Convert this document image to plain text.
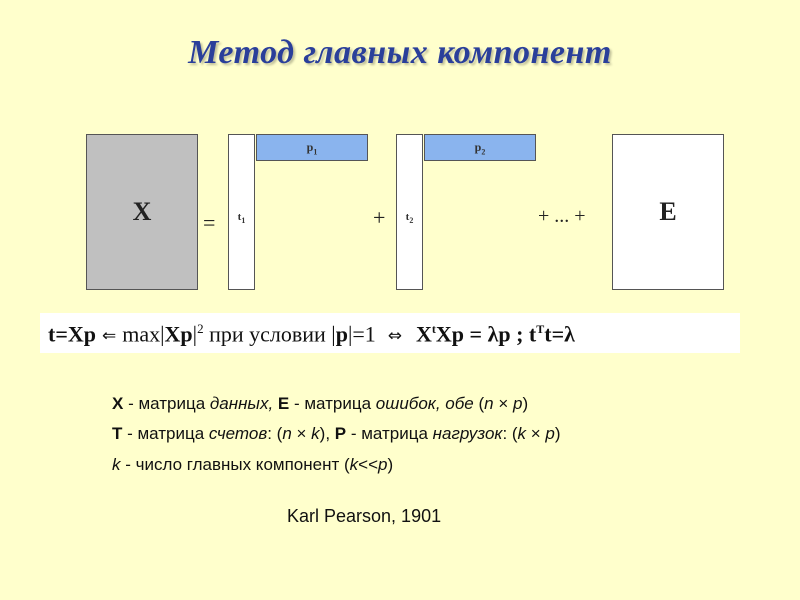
Метод главных компонент
X	=	$t_1$
$p_1$
+	$t_2$
$p_2$
+ ... +	E
t=Xp ⇐ $\max|Xp|^2$ при условии |p|=1 ⇔ $X^tXp = \lambda p$ ; $t^Tt=\lambda$
X - матрица данных, E - матрица ошибок, обе (n × p)
T - матрица счетов: (n × k), P - матрица нагрузок: (k × p)
k - число главных компонент (k<<p)
Karl Pearson, 1901
